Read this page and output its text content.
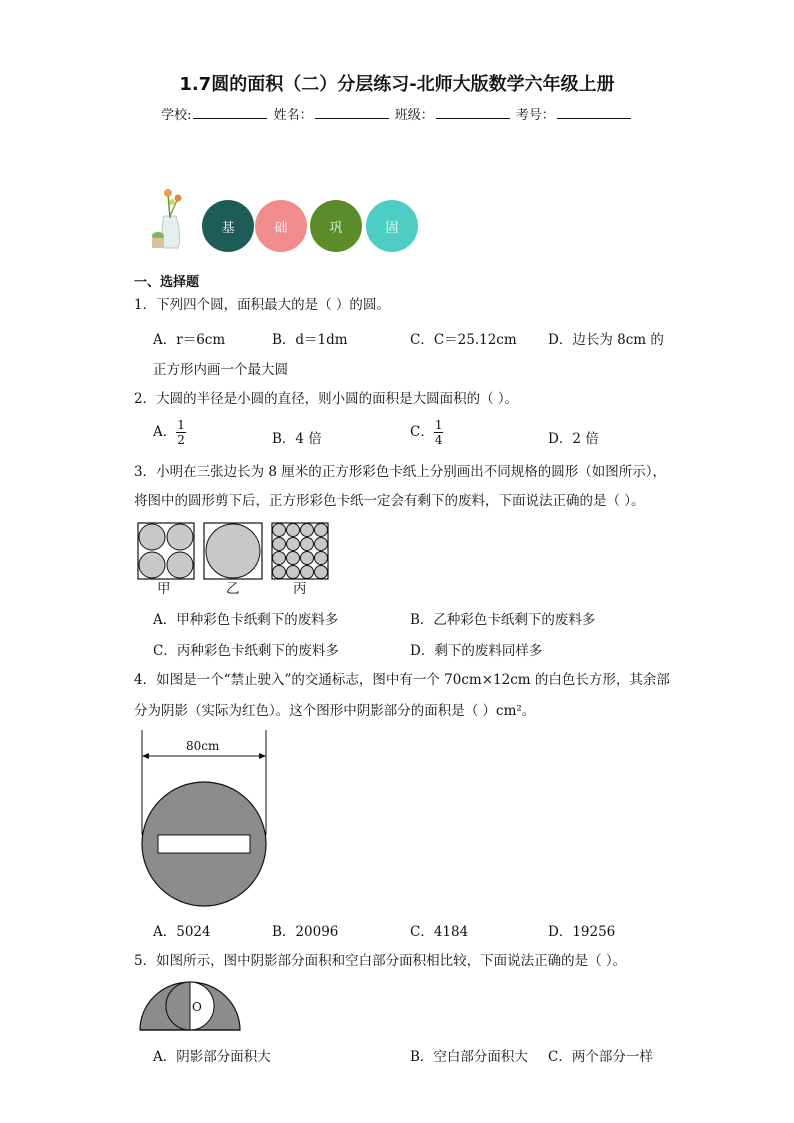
1.7圆的面积（二）分层练习-北师大版数学六年级上册
学校:	姓名：	班级：	考号：
基	础	巩	固
一、选择题
1．下列四个圆，面积最大的是（ ）的圆。
A．r＝6cm	B．d＝1dm	C．C＝25.12cm D．边长为 8cm 的
正方形内画一个最大圆
2．大圆的半径是小圆的直径，则小圆的面积是大圆面积的（ ）。
A． $\frac{1}{2}$	B．4 倍	C． $\frac{1}{4}$	D．2 倍
3．小明在三张边长为 8 厘米的正方形彩色卡纸上分别画出不同规格的圆形（如图所示），
将图中的圆形剪下后，正方形彩色卡纸一定会有剩下的废料，下面说法正确的是（ ）。
甲	乙	丙
A．甲种彩色卡纸剩下的废料多	B．乙种彩色卡纸剩下的废料多
C．丙种彩色卡纸剩下的废料多	D．剩下的废料同样多
4．如图是一个“禁止驶入”的交通标志，图中有一个 70cm×12cm 的白色长方形，其余部
分为阴影（实际为红色）。这个图形中阴影部分的面积是（ ）cm²。
80cm
A．5024	B．20096	C．4184	D．19256
5．如图所示，图中阴影部分面积和空白部分面积相比较，下面说法正确的是（ ）。
O
A．阴影部分面积大	B．空白部分面积大 C．两个部分一样
